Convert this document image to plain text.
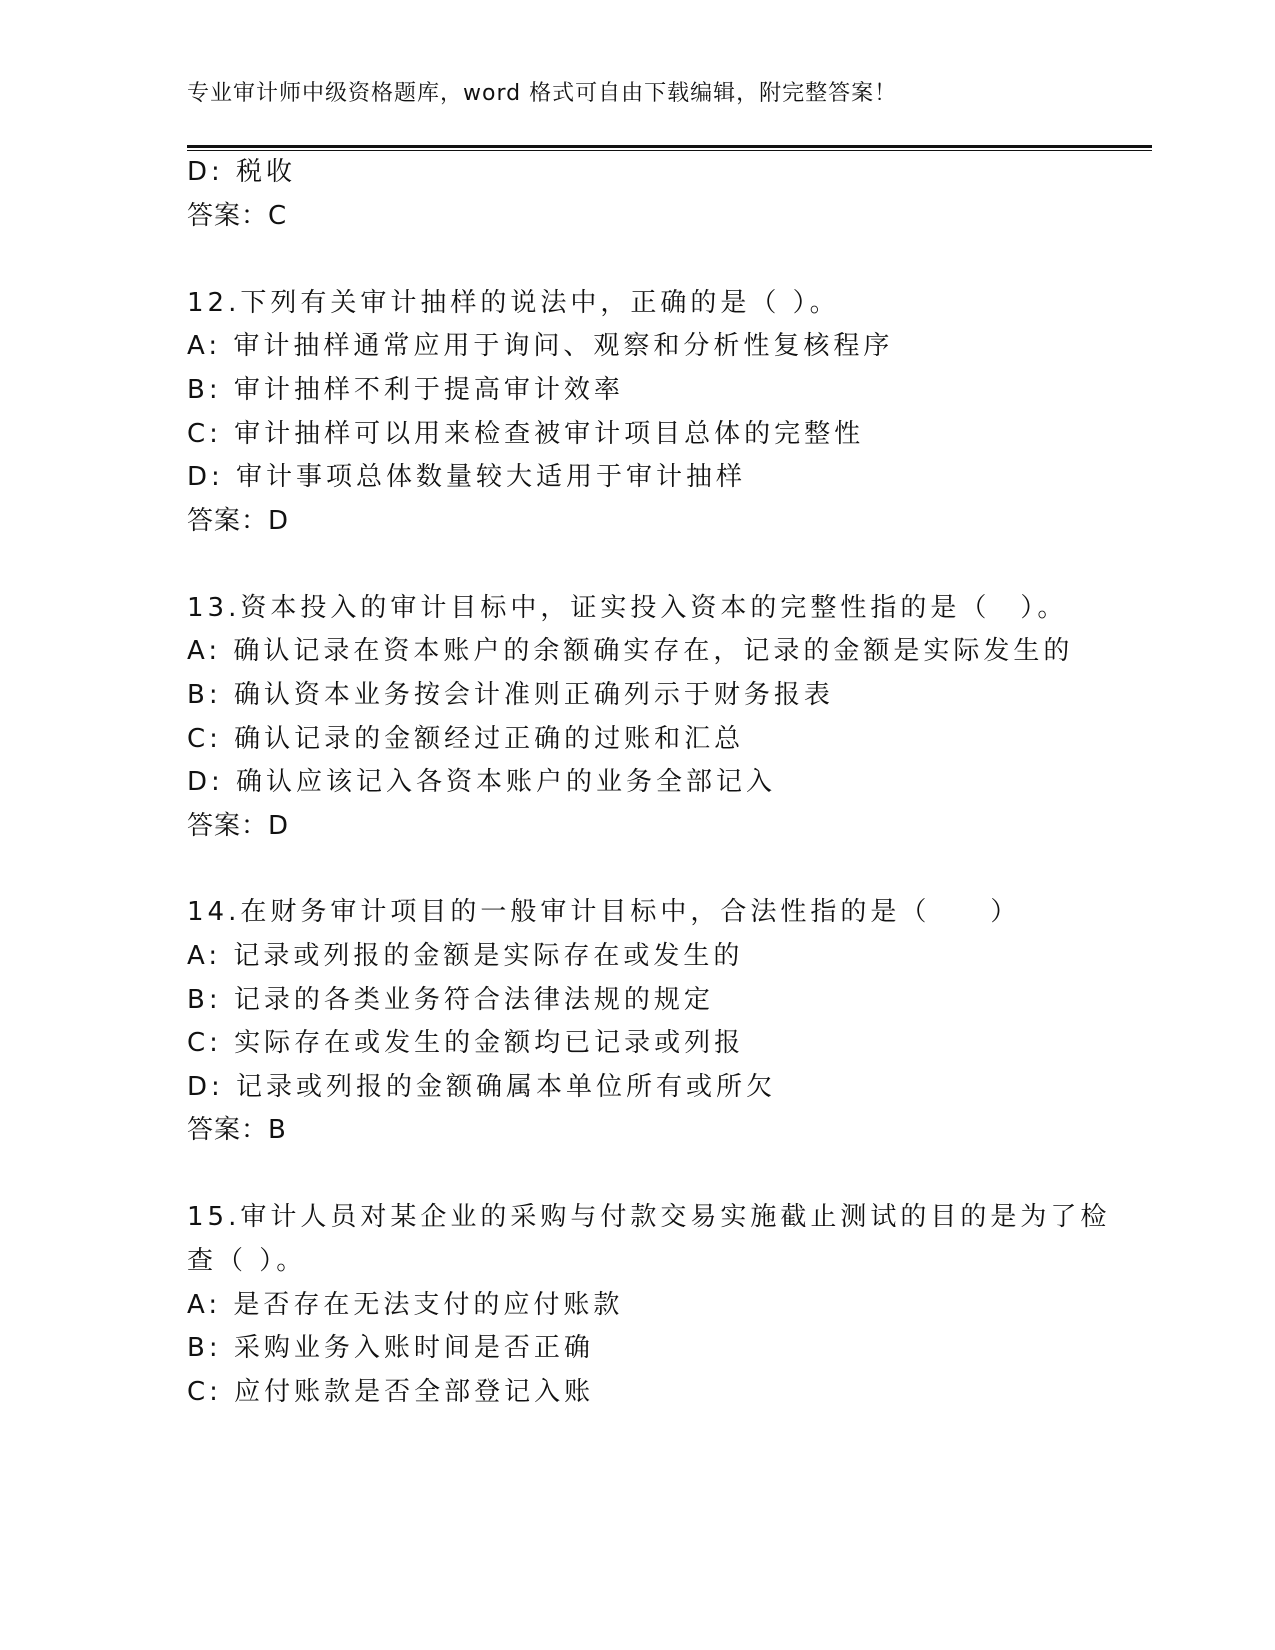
专业审计师中级资格题库，word 格式可自由下载编辑，附完整答案！
D: 税收
答案：C
12.下列有关审计抽样的说法中，正确的是（ ）。
A: 审计抽样通常应用于询问、观察和分析性复核程序
B: 审计抽样不利于提高审计效率
C: 审计抽样可以用来检查被审计项目总体的完整性
D: 审计事项总体数量较大适用于审计抽样
答案：D
13.资本投入的审计目标中，证实投入资本的完整性指的是（　）。
A: 确认记录在资本账户的余额确实存在，记录的金额是实际发生的
B: 确认资本业务按会计准则正确列示于财务报表
C: 确认记录的金额经过正确的过账和汇总
D: 确认应该记入各资本账户的业务全部记入
答案：D
14.在财务审计项目的一般审计目标中，合法性指的是（　　）
A: 记录或列报的金额是实际存在或发生的
B: 记录的各类业务符合法律法规的规定
C: 实际存在或发生的金额均已记录或列报
D: 记录或列报的金额确属本单位所有或所欠
答案：B
15.审计人员对某企业的采购与付款交易实施截止测试的目的是为了检
查（ ）。
A: 是否存在无法支付的应付账款
B: 采购业务入账时间是否正确
C: 应付账款是否全部登记入账
